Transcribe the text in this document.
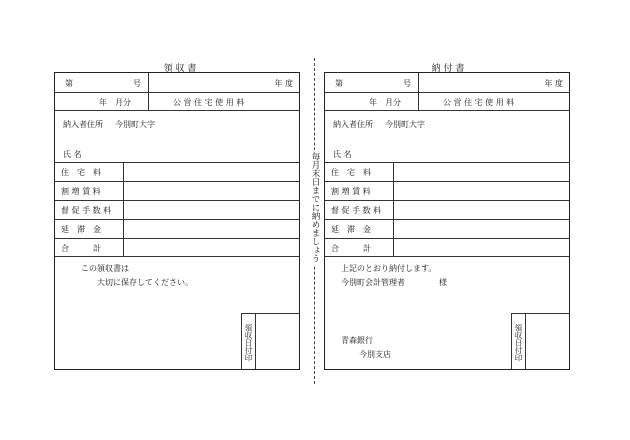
領 収 書
第	号	年 度
年　月分	公 営 住 宅 使 用 料
納入者住所 今別町大字
氏 名
住　宅　料
割 増 賃 料
督 促 手 数 料
延　滞　金
合　　　計
この領収書は
大切に保存してください。
領収日付印
毎月末日までに納めましょう
納 付 書
第	号	年 度
年　月分	公 営 住 宅 使 用 料
納入者住所 今別町大字
氏 名
住　宅　料
割 増 賃 料
督 促 手 数 料
延　滞　金
合　　　計
上記のとおり納付します。
今別町会計管理者	様
青森銀行
今別支店	領収日付印
